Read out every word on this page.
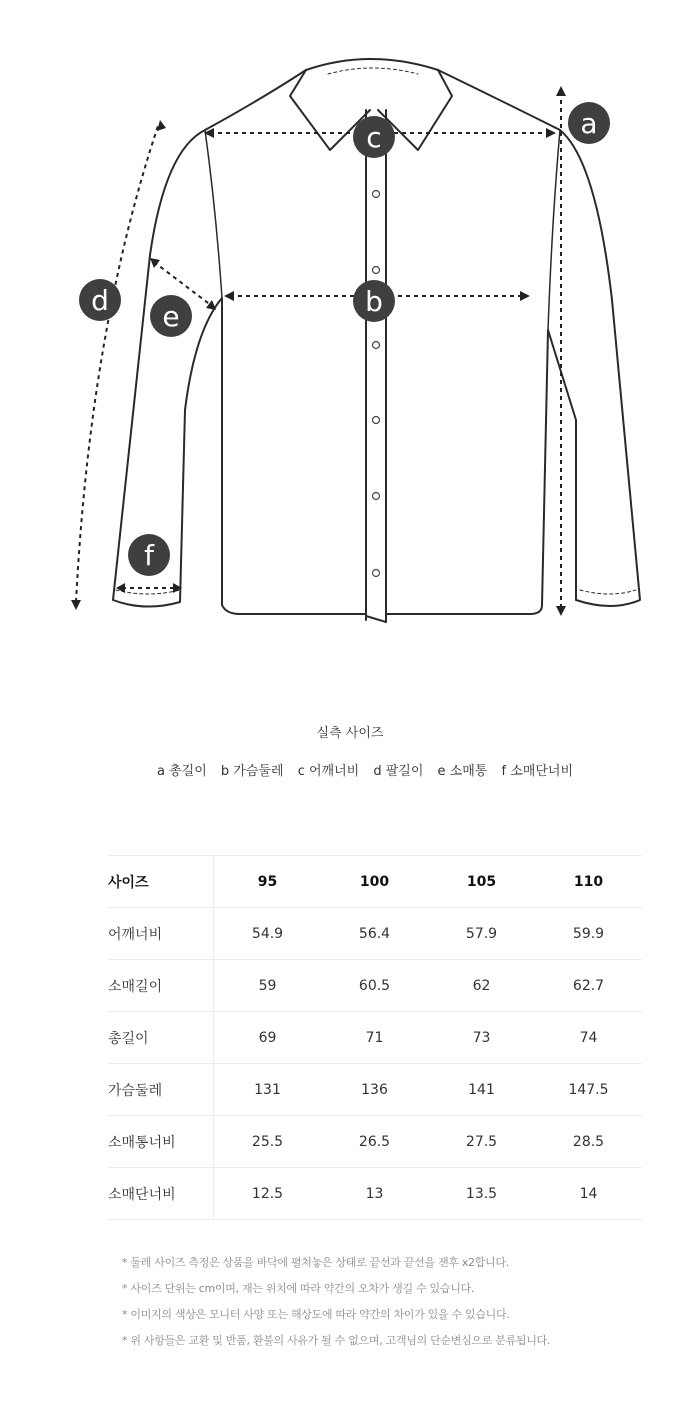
a
b
c
d e
f
실측 사이즈
a 총길이 b 가슴둘레 c 어깨너비 d 팔길이 e 소매통 f 소매단너비
사이즈	95	100	105	110
어깨너비	54.9	56.4	57.9	59.9
소매길이	59	60.5	62	62.7
총길이	69	71	73	74
가슴둘레	131	136	141	147.5
소매통너비	25.5	26.5	27.5	28.5
소매단너비	12.5	13	13.5	14
* 둘레 사이즈 측정은 상품을 바닥에 펼쳐놓은 상태로 끝선과 끝선을 잰후 x2합니다.
* 사이즈 단위는 cm이며, 재는 위치에 따라 약간의 오차가 생길 수 있습니다.
* 이미지의 색상은 모니터 사양 또는 해상도에 따라 약간의 차이가 있을 수 있습니다.
* 위 사항들은 교환 및 반품, 환불의 사유가 될 수 없으며, 고객님의 단순변심으로 분류됩니다.
